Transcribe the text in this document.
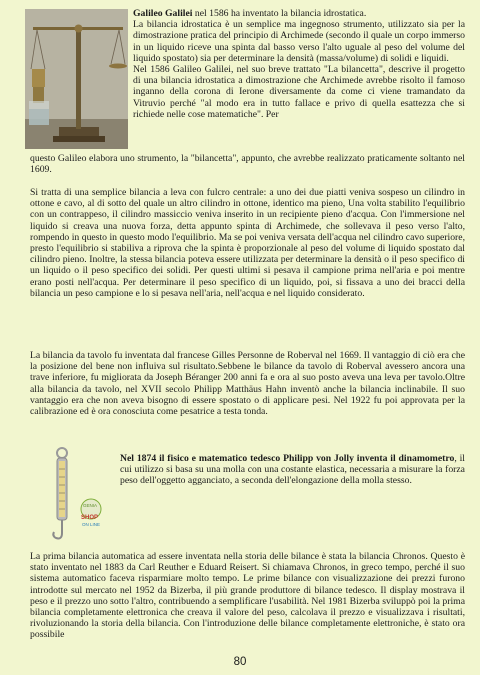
Galileo Galilei nel 1586 ha inventato la bilancia idrostatica.

La bilancia idrostatica è un semplice ma ingegnoso strumento, utilizzato sia per la dimostrazione pratica del principio di Archimede (secondo il quale un corpo immerso in un liquido riceve una spinta dal basso verso l'alto uguale al peso del volume del liquido spostato) sia per determinare la densità (massa/volume) di solidi e liquidi.

Nel 1586 Galileo Galilei, nel suo breve trattato "La bilancetta", descrive il progetto di una bilancia idrostatica a dimostrazione che Archimede avrebbe risolto il famoso inganno della corona di Ierone diversamente da come ci viene tramandato da Vitruvio perché "al modo era in tutto fallace e privo di quella esattezza che si richiede nelle cose matematiche". Per

questo Galileo elabora uno strumento, la "bilancetta", appunto, che avrebbe realizzato praticamente soltanto nel 1609.

Si tratta di una semplice bilancia a leva con fulcro centrale: a uno dei due piatti veniva sospeso un cilindro in ottone e cavo, al di sotto del quale un altro cilindro in ottone, identico ma pieno, Una volta stabilito l'equilibrio con un contrappeso, il cilindro massiccio veniva inserito in un recipiente pieno d'acqua. Con l'immersione nel liquido si creava una nuova forza, detta appunto spinta di Archimede, che sollevava il peso verso l'alto, rompendo in questo in questo modo l'equilibrio. Ma se poi veniva versata dell'acqua nel cilindro cavo superiore, presto l'equilibrio si stabiliva a riprova che la spinta è proporzionale al peso del volume di liquido spostato dal cilindro pieno. Inoltre, la stessa bilancia poteva essere utilizzata per determinare la densità o il peso specifico di un liquido o il peso specifico dei solidi. Per questi ultimi si pesava il campione prima nell'aria e poi mentre erano posti nell'acqua. Per determinare il peso specifico di un liquido, poi, si fissava a uno dei bracci della bilancia un peso campione e lo si pesava nell'aria, nell'acqua e nel liquido considerato.

La bilancia da tavolo fu inventata dal francese Gilles Personne de Roberval nel 1669. Il vantaggio di ciò era che la posizione del bene non influiva sul risultato.Sebbene le bilance da tavolo di Roberval avessero ancora una trave inferiore, fu migliorata da Joseph Béranger 200 anni fa e ora al suo posto aveva una leva per tavolo.Oltre alla bilancia da tavolo, nel XVII secolo Philipp Matthäus Hahn inventò anche la bilancia inclinabile. Il suo vantaggio era che non aveva bisogno di essere spostato o di applicare pesi. Nel 1922 fu poi approvata per la calibrazione ed è ora conosciuta come pesatrice a testa tonda.

GENIA
SHOP
ON LINE

Nel 1874 il fisico e matematico tedesco Philipp von Jolly inventa il dinamometro, il cui utilizzo si basa su una molla con una costante elastica, necessaria a misurare la forza peso dell'oggetto agganciato, a seconda dell'elongazione della molla stesso.

La prima bilancia automatica ad essere inventata nella storia delle bilance è stata la bilancia Chronos. Questo è stato inventato nel 1883 da Carl Reuther e Eduard Reisert. Si chiamava Chronos, in greco tempo, perché il suo sistema automatico faceva risparmiare molto tempo. Le prime bilance con visualizzazione dei prezzi furono introdotte sul mercato nel 1952 da Bizerba, il più grande produttore di bilance tedesco. Il display mostrava il peso e il prezzo uno sotto l'altro, contribuendo a semplificare l'usabilità. Nel 1981 Bizerba sviluppò poi la prima bilancia completamente elettronica che creava il valore del peso, calcolava il prezzo e visualizzava i risultati, rivoluzionando la storia della bilancia. Con l'introduzione delle bilance completamente elettroniche, è stato ora possibile

80
